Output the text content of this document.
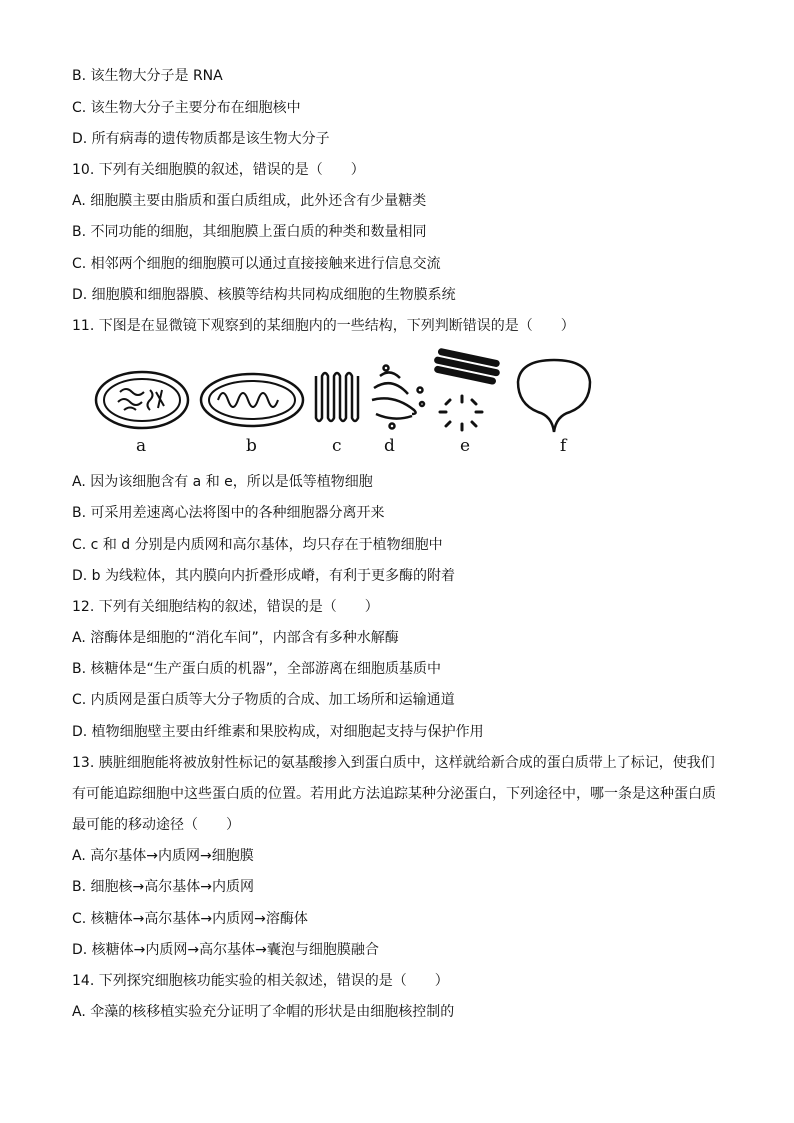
B. 该生物大分子是 RNA
C. 该生物大分子主要分布在细胞核中
D. 所有病毒的遗传物质都是该生物大分子
10. 下列有关细胞膜的叙述，错误的是（　　）
A. 细胞膜主要由脂质和蛋白质组成，此外还含有少量糖类
B. 不同功能的细胞，其细胞膜上蛋白质的种类和数量相同
C. 相邻两个细胞的细胞膜可以通过直接接触来进行信息交流
D. 细胞膜和细胞器膜、核膜等结构共同构成细胞的生物膜系统
11. 下图是在显微镜下观察到的某细胞内的一些结构，下列判断错误的是（　　）
a	b	c d	e	f
A. 因为该细胞含有 a 和 e，所以是低等植物细胞
B. 可采用差速离心法将图中的各种细胞器分离开来
C. c 和 d 分别是内质网和高尔基体，均只存在于植物细胞中
D. b 为线粒体，其内膜向内折叠形成嵴，有利于更多酶的附着
12. 下列有关细胞结构的叙述，错误的是（　　）
A. 溶酶体是细胞的“消化车间”，内部含有多种水解酶
B. 核糖体是“生产蛋白质的机器”，全部游离在细胞质基质中
C. 内质网是蛋白质等大分子物质的合成、加工场所和运输通道
D. 植物细胞壁主要由纤维素和果胶构成，对细胞起支持与保护作用
13. 胰脏细胞能将被放射性标记的氨基酸掺入到蛋白质中，这样就给新合成的蛋白质带上了标记，使我们
有可能追踪细胞中这些蛋白质的位置。若用此方法追踪某种分泌蛋白，下列途径中，哪一条是这种蛋白质
最可能的移动途径（　　）
A. 高尔基体→内质网→细胞膜
B. 细胞核→高尔基体→内质网
C. 核糖体→高尔基体→内质网→溶酶体
D. 核糖体→内质网→高尔基体→囊泡与细胞膜融合
14. 下列探究细胞核功能实验的相关叙述，错误的是（　　）
A. 伞藻的核移植实验充分证明了伞帽的形状是由细胞核控制的
